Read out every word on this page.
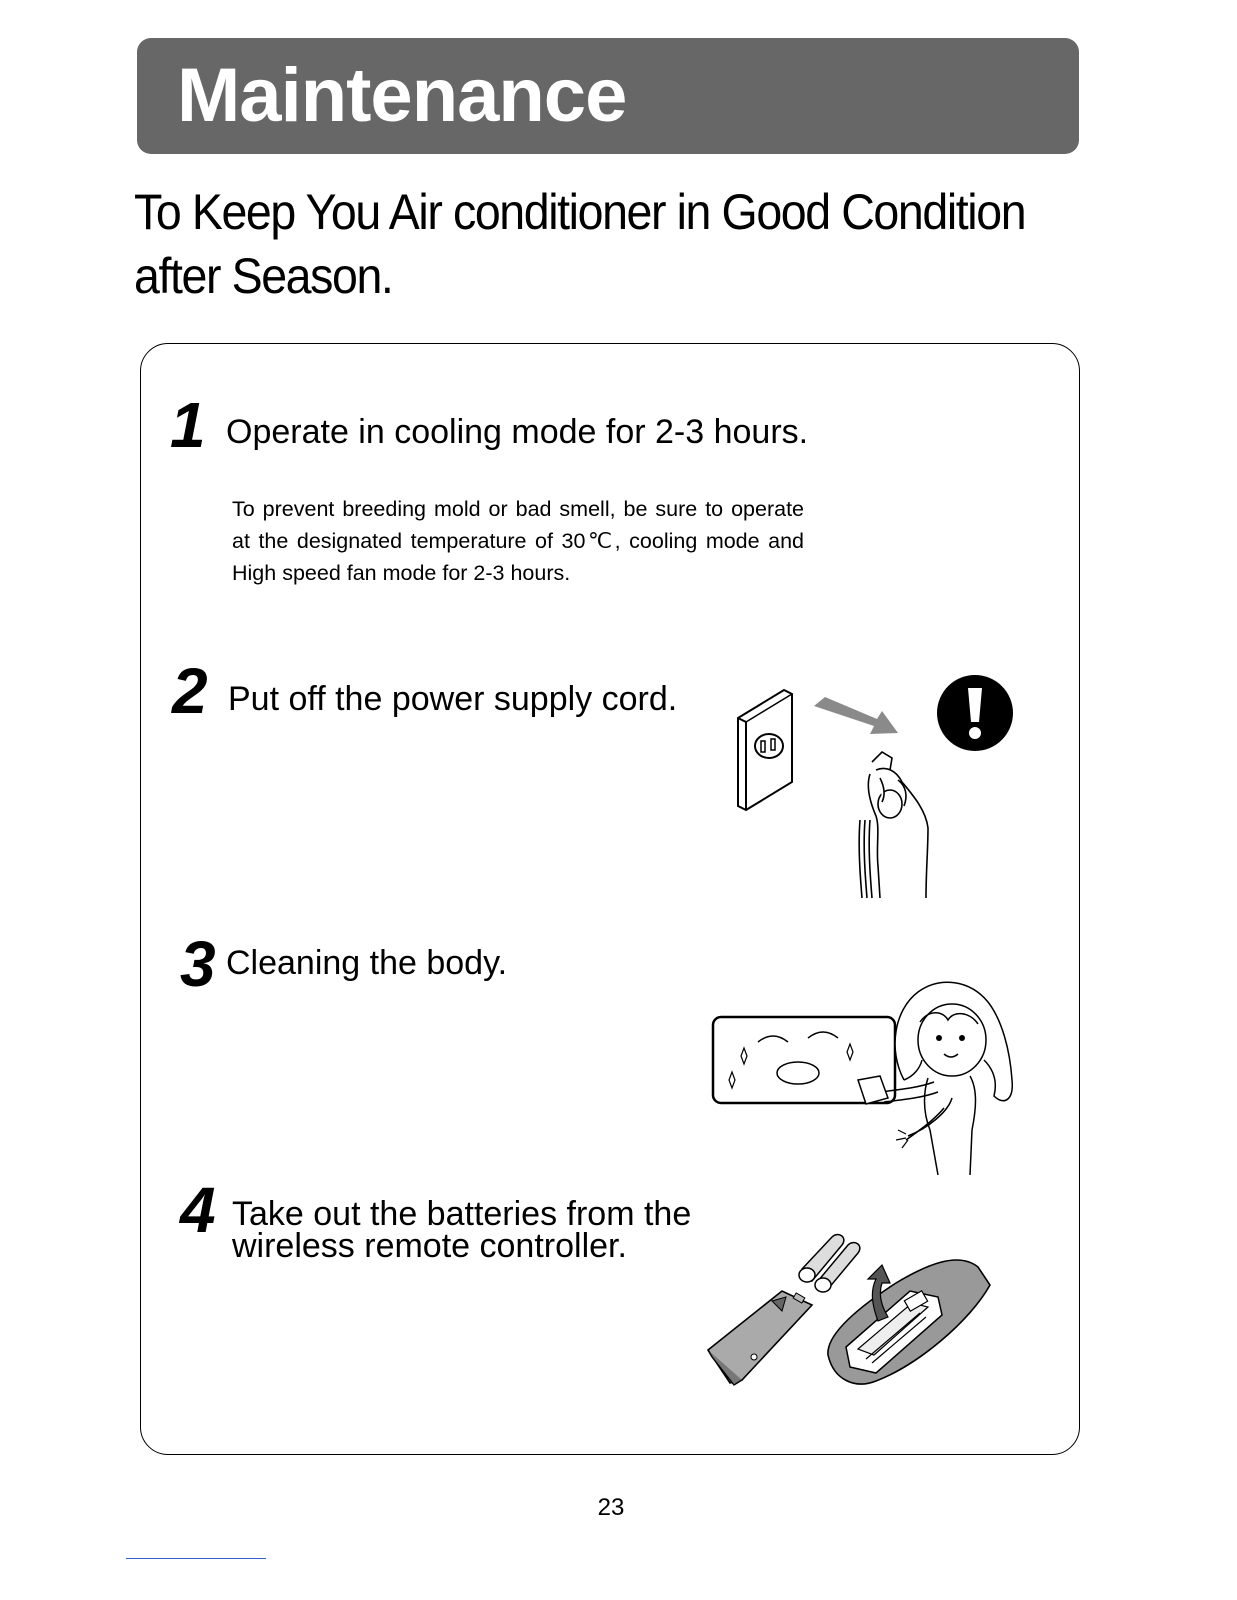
Maintenance
To Keep You Air conditioner in Good Condition
after Season.
1 Operate in cooling mode for 2-3 hours.
To prevent breeding mold or bad smell, be sure to operate at the designated temperature of 30℃, cooling mode and High speed fan mode for 2-3 hours.
2 Put off the power supply cord.
3 Cleaning the body.
4 Take out the batteries from the
wireless remote controller.
23
